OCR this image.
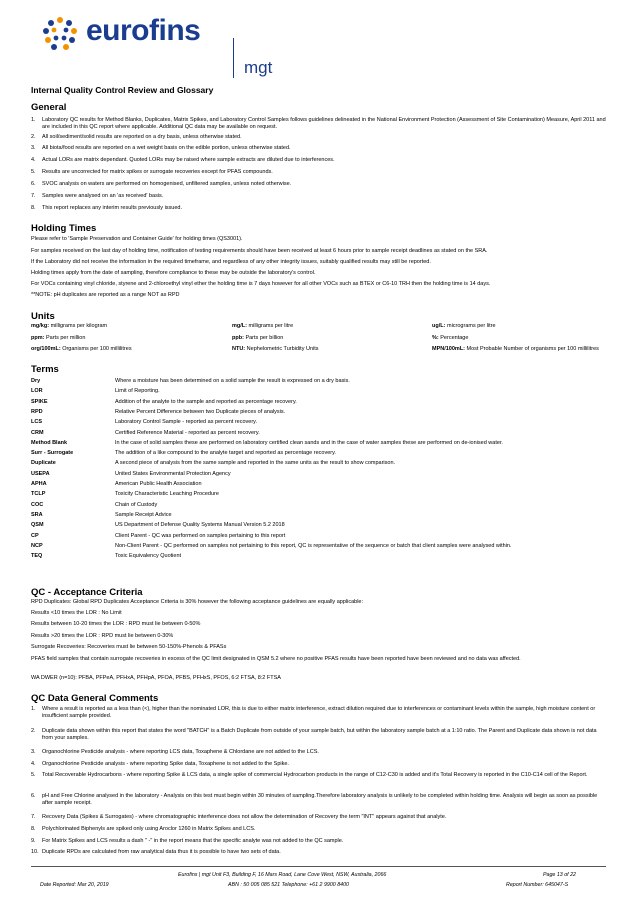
eurofins
mgt
Internal Quality Control Review and Glossary
General
1. Laboratory QC results for Method Blanks, Duplicates, Matrix Spikes, and Laboratory Control Samples follows guidelines delineated in the National Environment Protection (Assessment of Site Contamination) Measure, April 2011 and are included in this QC report where applicable. Additional QC data may be available on request.
2. All soil/sediment/solid results are reported on a dry basis, unless otherwise stated.
3. All biota/food results are reported on a wet weight basis on the edible portion, unless otherwise stated.
4. Actual LORs are matrix dependant. Quoted LORs may be raised where sample extracts are diluted due to interferences.
5. Results are uncorrected for matrix spikes or surrogate recoveries except for PFAS compounds.
6. SVOC analysis on waters are performed on homogenised, unfiltered samples, unless noted otherwise.
7. Samples were analysed on an 'as received' basis.
8. This report replaces any interim results previously issued.
Holding Times
Please refer to 'Sample Preservation and Container Guide' for holding times (QS3001).
For samples received on the last day of holding time, notification of testing requirements should have been received at least 6 hours prior to sample receipt deadlines as stated on the SRA.
If the Laboratory did not receive the information in the required timeframe, and regardless of any other integrity issues, suitably qualified results may still be reported.
Holding times apply from the date of sampling, therefore compliance to these may be outside the laboratory's control.
For VOCs containing vinyl chloride, styrene and 2-chloroethyl vinyl ether the holding time is 7 days however for all other VOCs such as BTEX or C6-10 TRH then the holding time is 14 days.
**NOTE: pH duplicates are reported as a range NOT as RPD
Units
mg/kg: milligrams per kilogram	mg/L: milligrams per litre	ug/L: micrograms per litre
ppm: Parts per million	ppb: Parts per billion	%: Percentage
org/100mL: Organisms per 100 millilitres	NTU: Nephelometric Turbidity Units	MPN/100mL: Most Probable Number of organisms per 100 millilitres
Terms
Dry	Where a moisture has been determined on a solid sample the result is expressed on a dry basis.
LOR	Limit of Reporting.
SPIKE	Addition of the analyte to the sample and reported as percentage recovery.
RPD	Relative Percent Difference between two Duplicate pieces of analysis.
LCS	Laboratory Control Sample - reported as percent recovery.
CRM	Certified Reference Material - reported as percent recovery.
Method Blank	In the case of solid samples these are performed on laboratory certified clean sands and in the case of water samples these are performed on de-ionised water.
Surr - Surrogate	The addition of a like compound to the analyte target and reported as percentage recovery.
Duplicate	A second piece of analysis from the same sample and reported in the same units as the result to show comparison.
USEPA	United States Environmental Protection Agency
APHA	American Public Health Association
TCLP	Toxicity Characteristic Leaching Procedure
COC	Chain of Custody
SRA	Sample Receipt Advice
QSM	US Department of Defense Quality Systems Manual Version 5.2 2018
CP	Client Parent - QC was performed on samples pertaining to this report
NCP	Non-Client Parent - QC performed on samples not pertaining to this report, QC is representative of the sequence or batch that client samples were analysed within.
TEQ	Toxic Equivalency Quotient
QC - Acceptance Criteria
RPD Duplicates: Global RPD Duplicates Acceptance Criteria is 30% however the following acceptance guidelines are equally applicable:
Results <10 times the LOR : No Limit
Results between 10-20 times the LOR : RPD must lie between 0-50%
Results >20 times the LOR : RPD must lie between 0-30%
Surrogate Recoveries: Recoveries must lie between 50-150%-Phenols & PFASs
PFAS field samples that contain surrogate recoveries in excess of the QC limit designated in QSM 5.2 where no positive PFAS results have been reported have been reviewed and no data was affected.
WA DWER (n=10): PFBA, PFPeA, PFHxA, PFHpA, PFOA, PFBS, PFHxS, PFOS, 6:2 FTSA, 8:2 FTSA
QC Data General Comments
1. Where a result is reported as a less than (<), higher than the nominated LOR, this is due to either matrix interference, extract dilution required due to interferences or contaminant levels within the sample, high moisture content or insufficient sample provided.
2. Duplicate data shown within this report that states the word "BATCH" is a Batch Duplicate from outside of your sample batch, but within the laboratory sample batch at a 1:10 ratio. The Parent and Duplicate data shown is not data from your samples.
3. Organochlorine Pesticide analysis - where reporting LCS data, Toxaphene & Chlordane are not added to the LCS.
4. Organochlorine Pesticide analysis - where reporting Spike data, Toxaphene is not added to the Spike.
5. Total Recoverable Hydrocarbons - where reporting Spike & LCS data, a single spike of commercial Hydrocarbon products in the range of C12-C30 is added and it's Total Recovery is reported in the C10-C14 cell of the Report.
6. pH and Free Chlorine analysed in the laboratory - Analysis on this test must begin within 30 minutes of sampling.Therefore laboratory analysis is unlikely to be completed within holding time. Analysis will begin as soon as possible after sample receipt.
7. Recovery Data (Spikes & Surrogates) - where chromatographic interference does not allow the determination of Recovery the term "INT" appears against that analyte.
8. Polychlorinated Biphenyls are spiked only using Aroclor 1260 in Matrix Spikes and LCS.
9. For Matrix Spikes and LCS results a dash " -" in the report means that the specific analyte was not added to the QC sample.
10. Duplicate RPDs are calculated from raw analytical data thus it is possible to have two sets of data.
Eurofins | mgt Unit F3, Building F, 16 Mars Road, Lane Cove West, NSW, Australia, 2066	Page 13 of 22
Date Reported: Mar 20, 2019	ABN : 50 005 085 521 Telephone: +61 2 9900 8400	Report Number: 645047-S
